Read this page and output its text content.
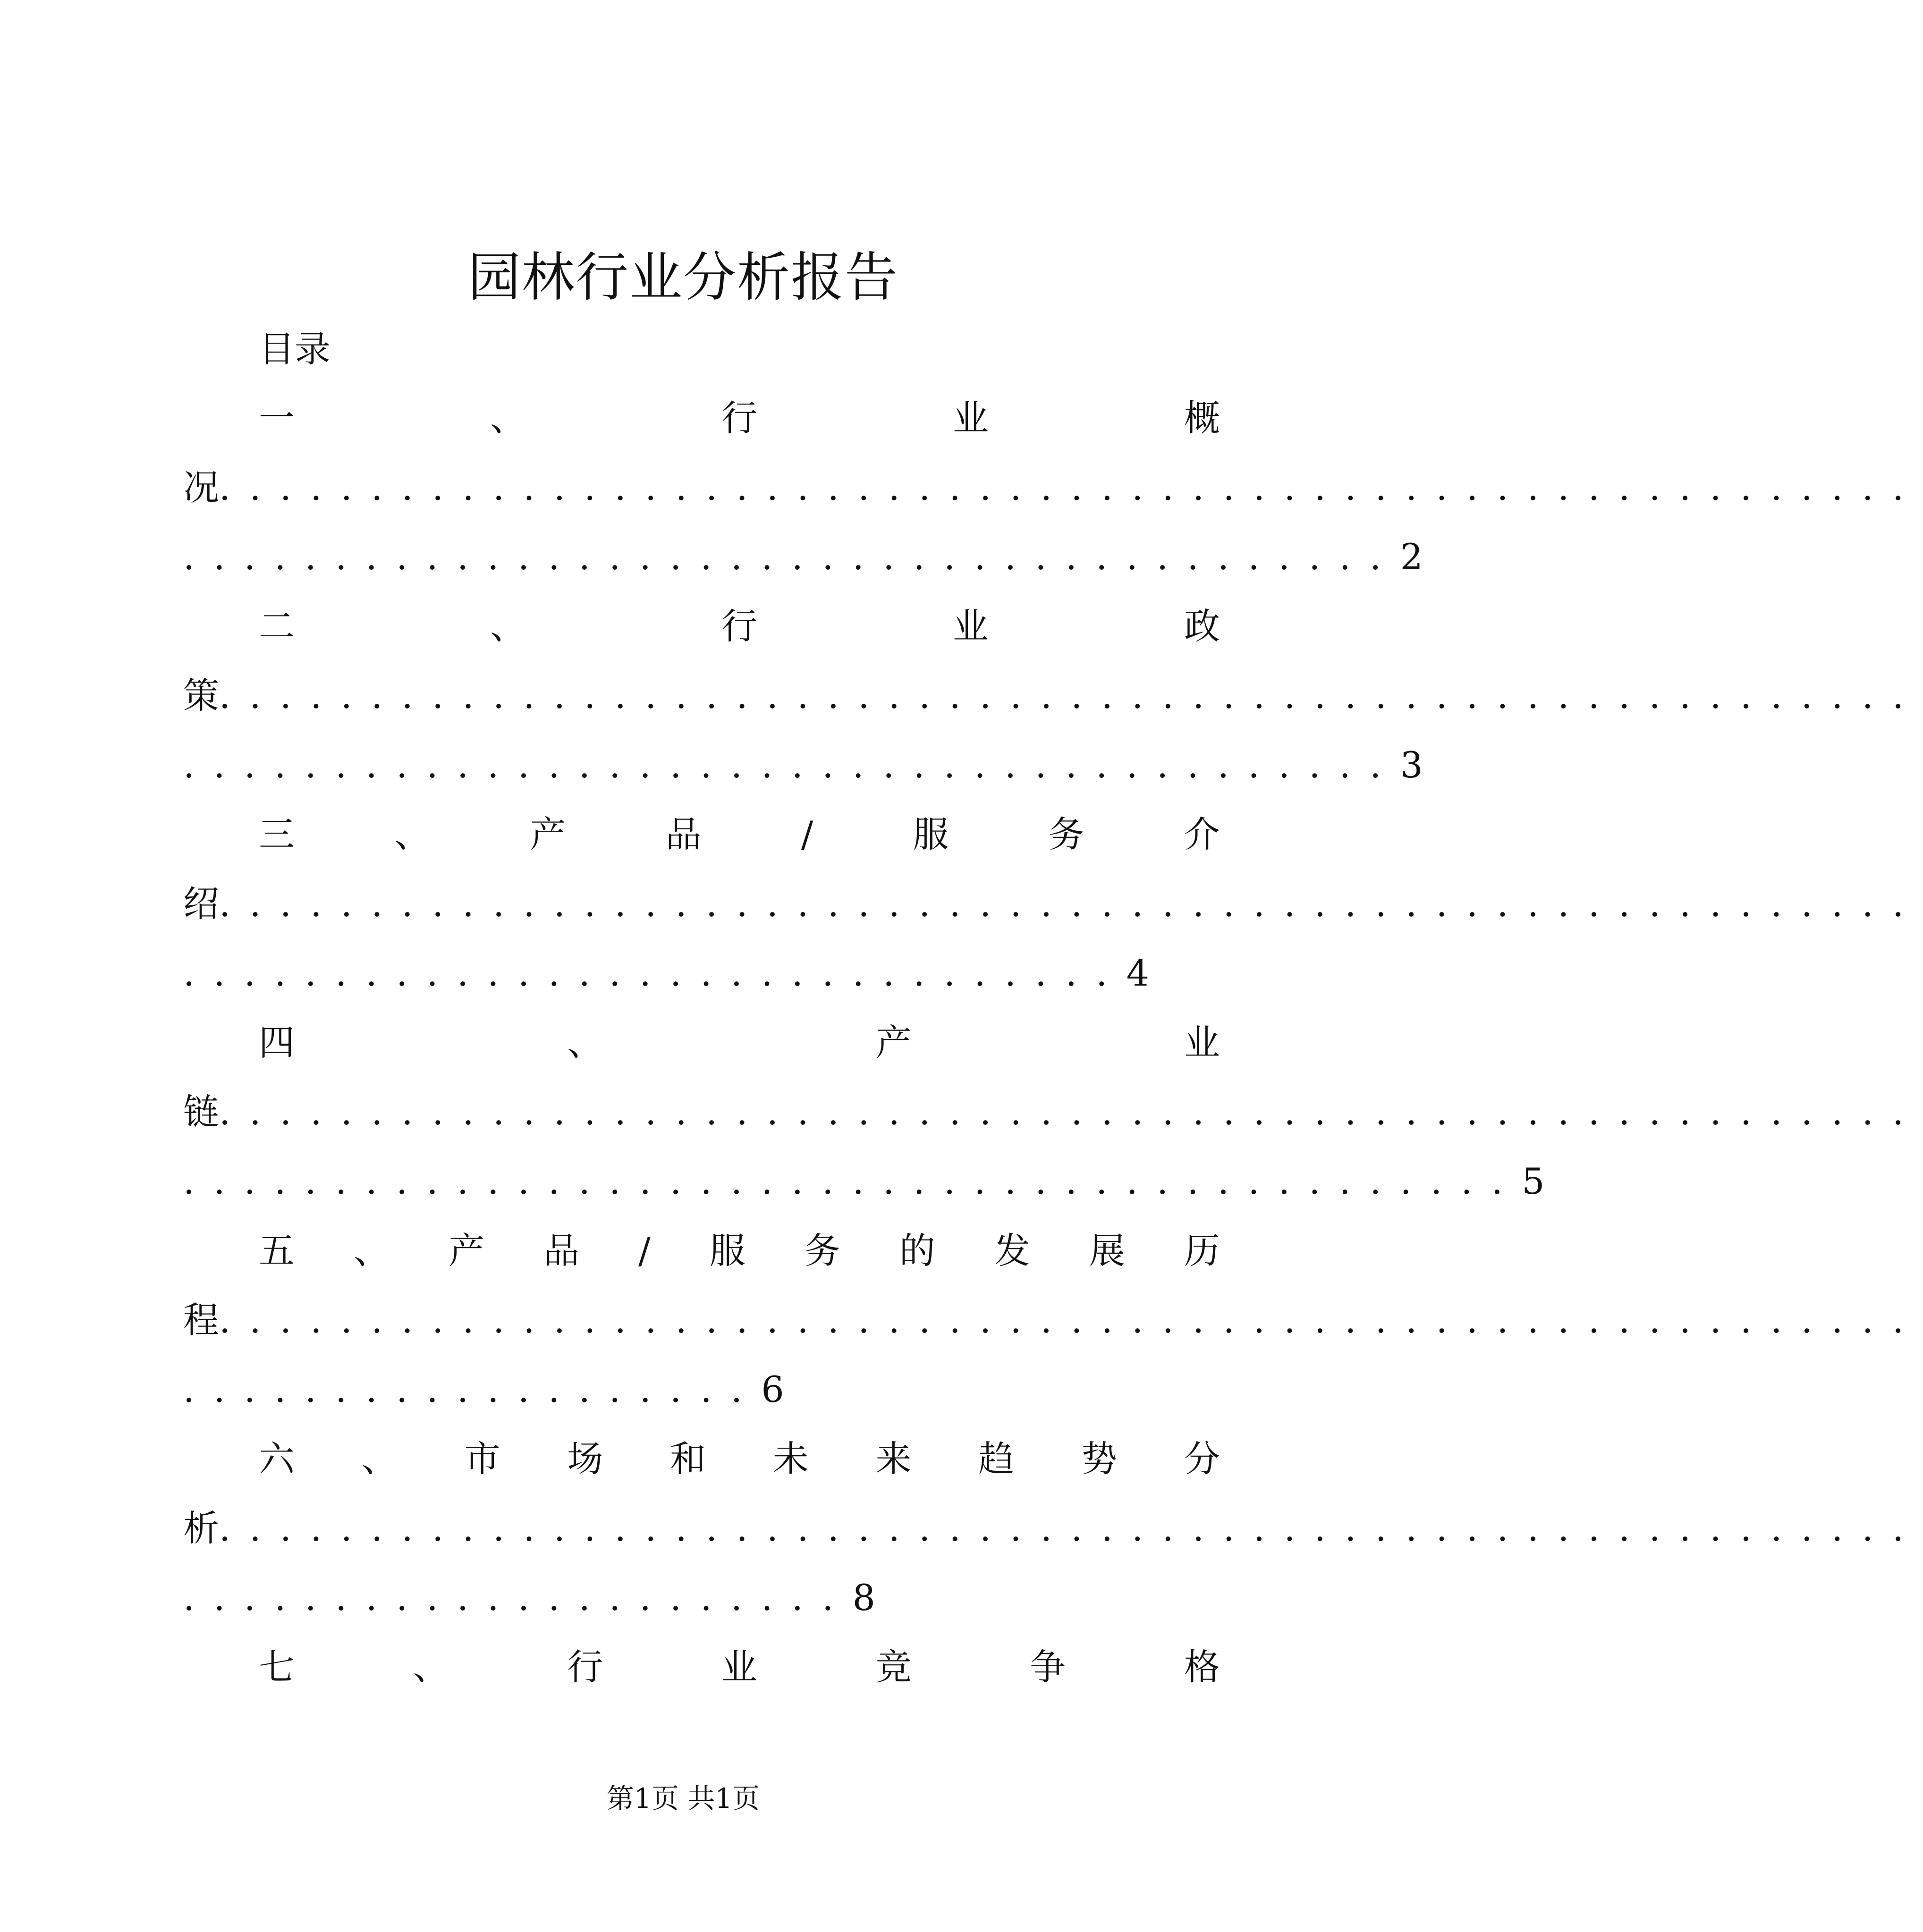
园林行业分析报告
目录
一	、	行	业	概
况 ........................................................
........................................ 2
二	、	行	业	政
策 ........................................................
........................................ 3
三	、	产	品	/	服	务	介
绍 ........................................................
............................... 4
四	、	产	业
链 ........................................................
............................................ 5
五 、 产 品 / 服 务 的 发 展 历
程 ........................................................
................... 6
六 、 市 场 和 未 来 趋 势 分
析 ........................................................
...................... 8
七	、	行	业	竞	争	格
第1页 共1页
